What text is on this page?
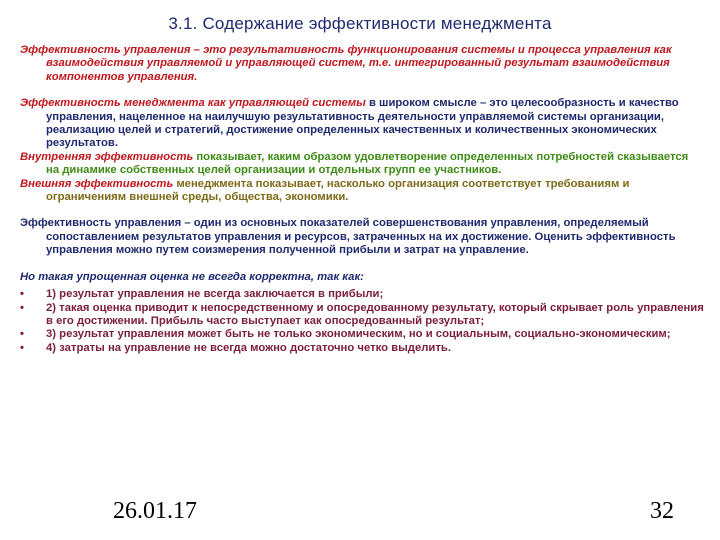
3.1. Содержание эффективности менеджмента

Эффективность управления – это результативность функционирования системы и процесса управления как взаимодействия управляемой и управляющей систем, т.е. интегрированный результат взаимодействия компонентов управления.

Эффективность менеджмента как управляющей системы в широком смысле – это целесообразность и качество управления, нацеленное на наилучшую результативность деятельности управляемой системы организации, реализацию целей и стратегий, достижение определенных качественных и количественных экономических результатов.

Внутренняя эффективность показывает, каким образом удовлетворение определенных потребностей сказывается на динамике собственных целей организации и отдельных групп ее участников.

Внешняя эффективность менеджмента показывает, насколько организация соответствует требованиям и ограничениям внешней среды, общества, экономики.

Эффективность управления – один из основных показателей совершенствования управления, определяемый сопоставлением результатов управления и ресурсов, затраченных на их достижение. Оценить эффективность управления можно путем соизмерения полученной прибыли и затрат на управление.

Но такая упрощенная оценка не всегда корректна, так как:

•	1) результат управления не всегда заключается в прибыли;
•	2) такая оценка приводит к непосредственному и опосредованному результату, который скрывает роль управления в его достижении. Прибыль часто выступает как опосредованный результат;
•	3) результат управления может быть не только экономическим, но и социальным, социально-экономическим;
•	4) затраты на управление не всегда можно достаточно четко выделить.
26.01.17	32
